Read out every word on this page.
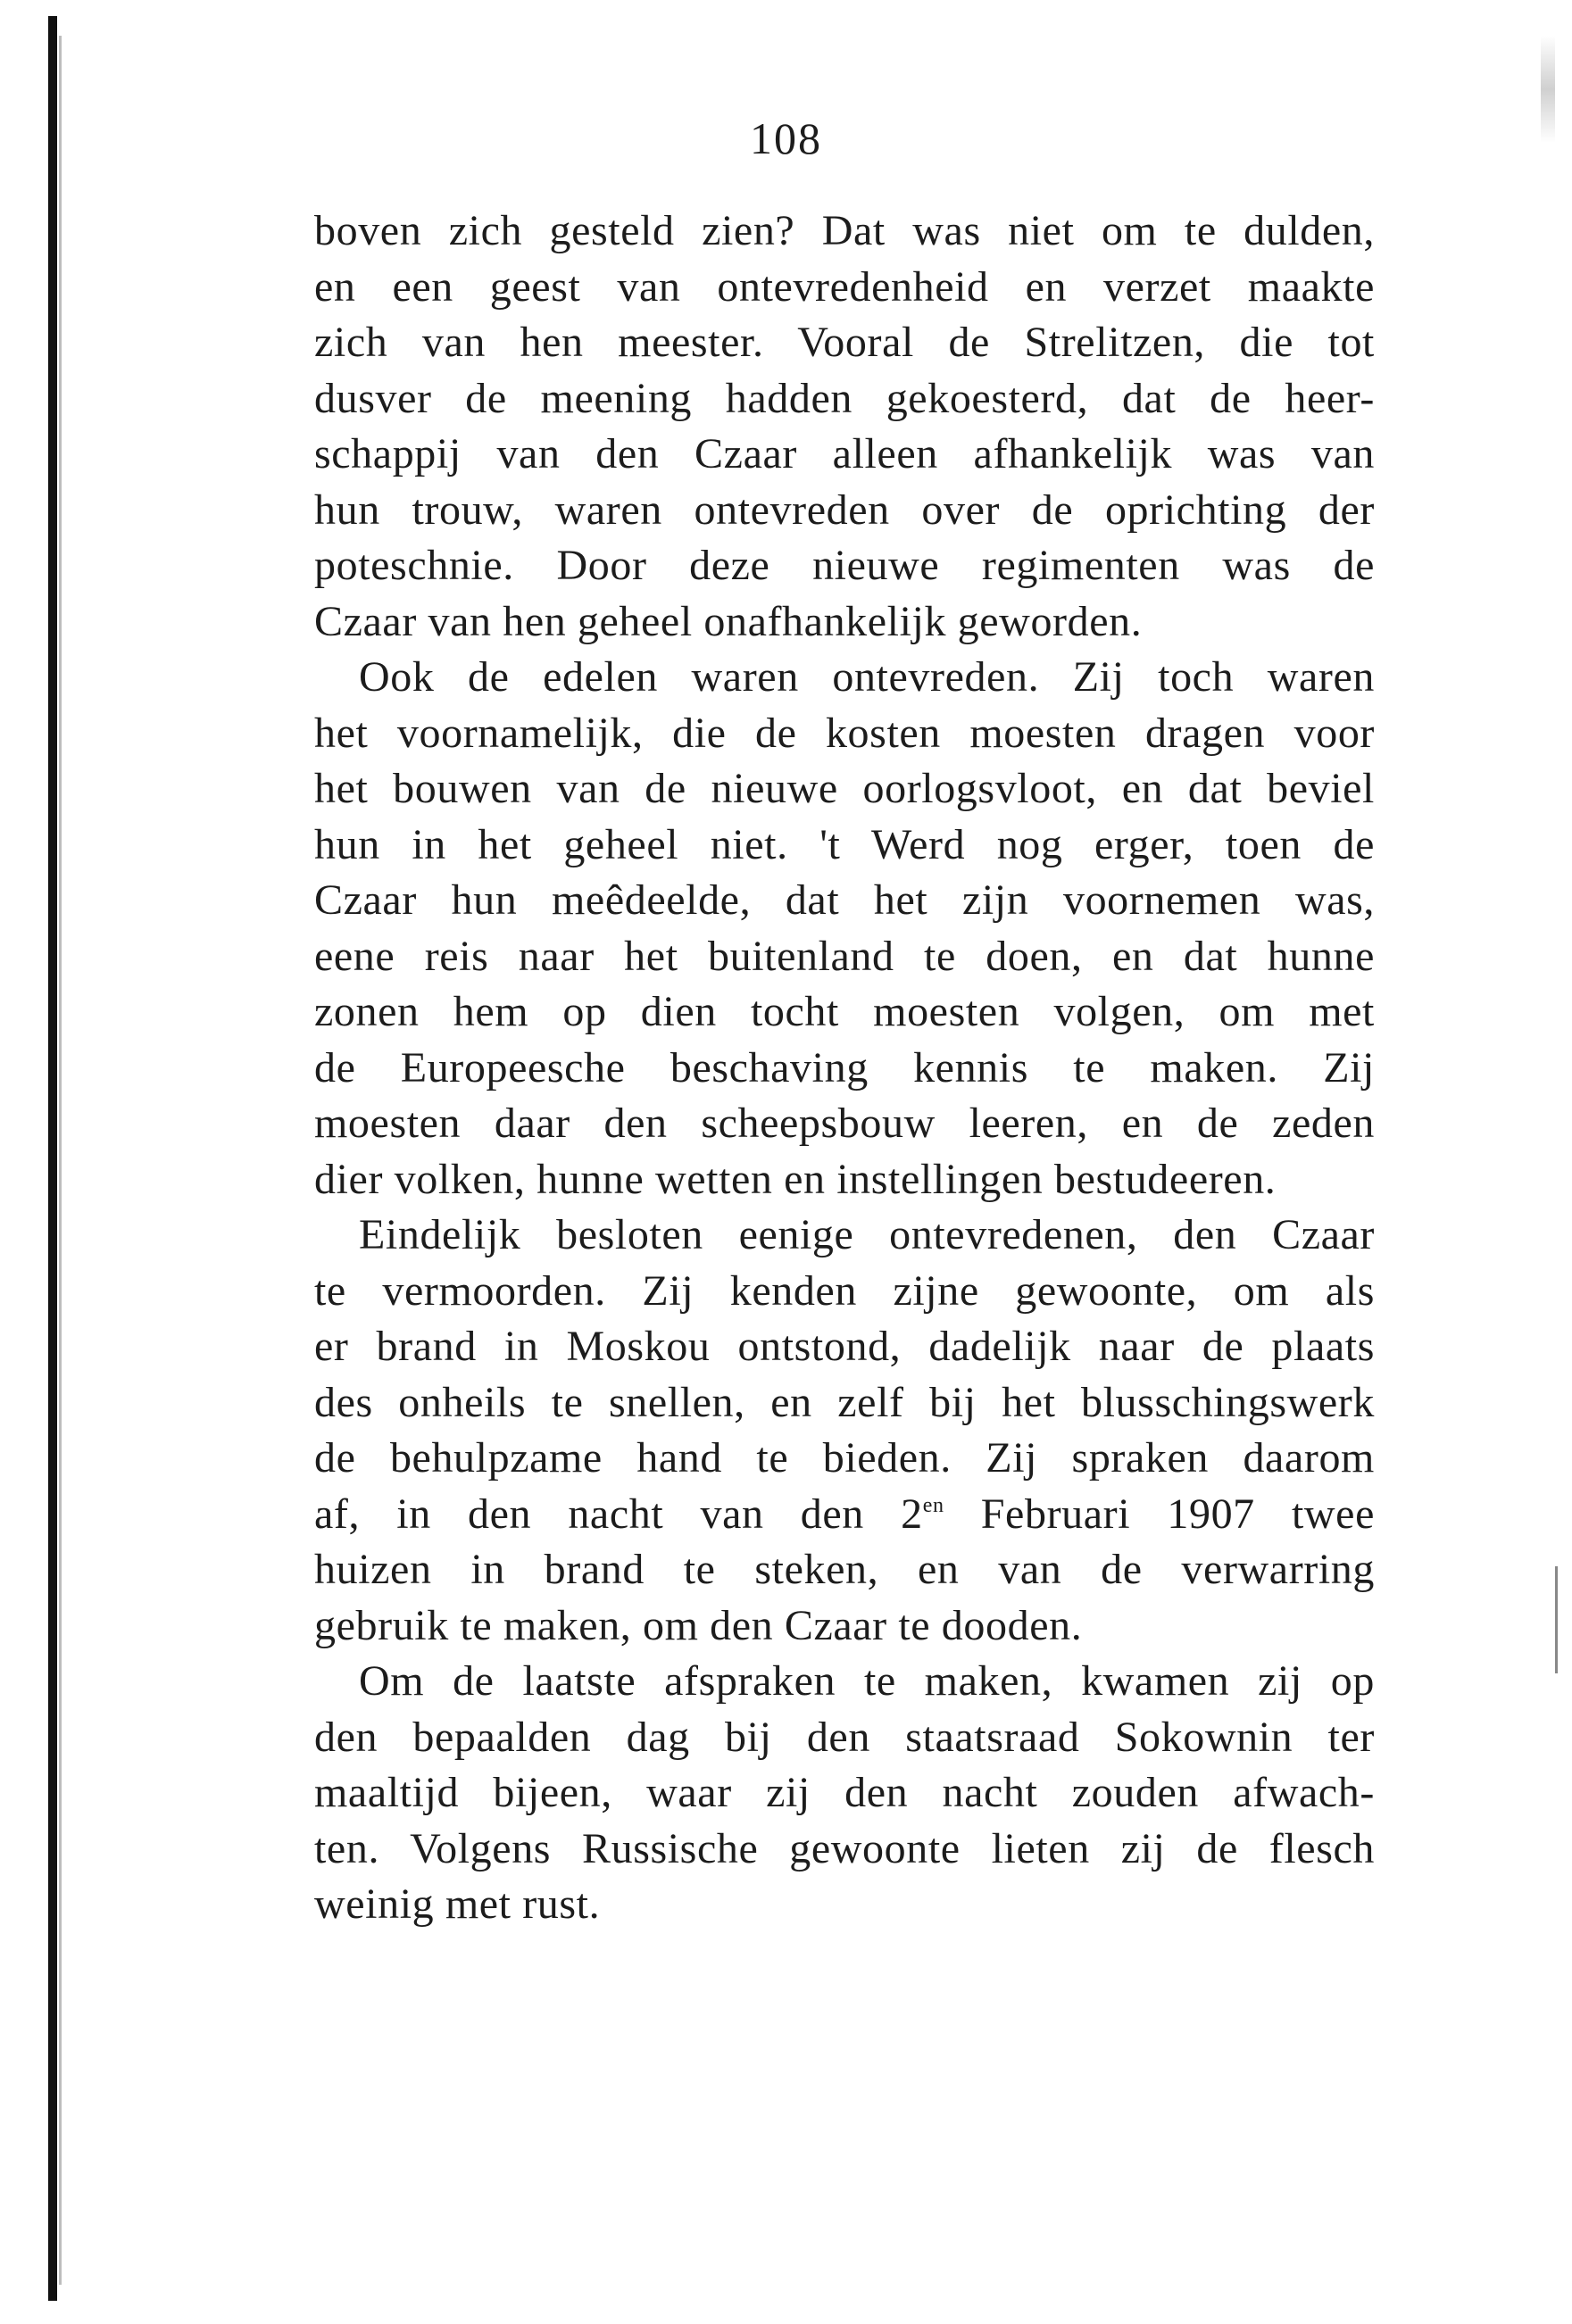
108
boven zich gesteld zien? Dat was niet om te dulden,
en een geest van ontevredenheid en verzet maakte
zich van hen meester. Vooral de Strelitzen, die tot
dusver de meening hadden gekoesterd, dat de heer-
schappij van den Czaar alleen afhankelijk was van
hun trouw, waren ontevreden over de oprichting der
poteschnie. Door deze nieuwe regimenten was de
Czaar van hen geheel onafhankelijk geworden.
Ook de edelen waren ontevreden. Zij toch waren
het voornamelijk, die de kosten moesten dragen voor
het bouwen van de nieuwe oorlogsvloot, en dat beviel
hun in het geheel niet. 't Werd nog erger, toen de
Czaar hun meêdeelde, dat het zijn voornemen was,
eene reis naar het buitenland te doen, en dat hunne
zonen hem op dien tocht moesten volgen, om met
de Europeesche beschaving kennis te maken. Zij
moesten daar den scheepsbouw leeren, en de zeden
dier volken, hunne wetten en instellingen bestudeeren.
Eindelijk besloten eenige ontevredenen, den Czaar
te vermoorden. Zij kenden zijne gewoonte, om als
er brand in Moskou ontstond, dadelijk naar de plaats
des onheils te snellen, en zelf bij het blusschingswerk
de behulpzame hand te bieden. Zij spraken daarom
af, in den nacht van den $2^{en}$ Februari 1907 twee
huizen in brand te steken, en van de verwarring
gebruik te maken, om den Czaar te dooden.
Om de laatste afspraken te maken, kwamen zij op
den bepaalden dag bij den staatsraad Sokownin ter
maaltijd bijeen, waar zij den nacht zouden afwach-
ten. Volgens Russische gewoonte lieten zij de flesch
weinig met rust.
